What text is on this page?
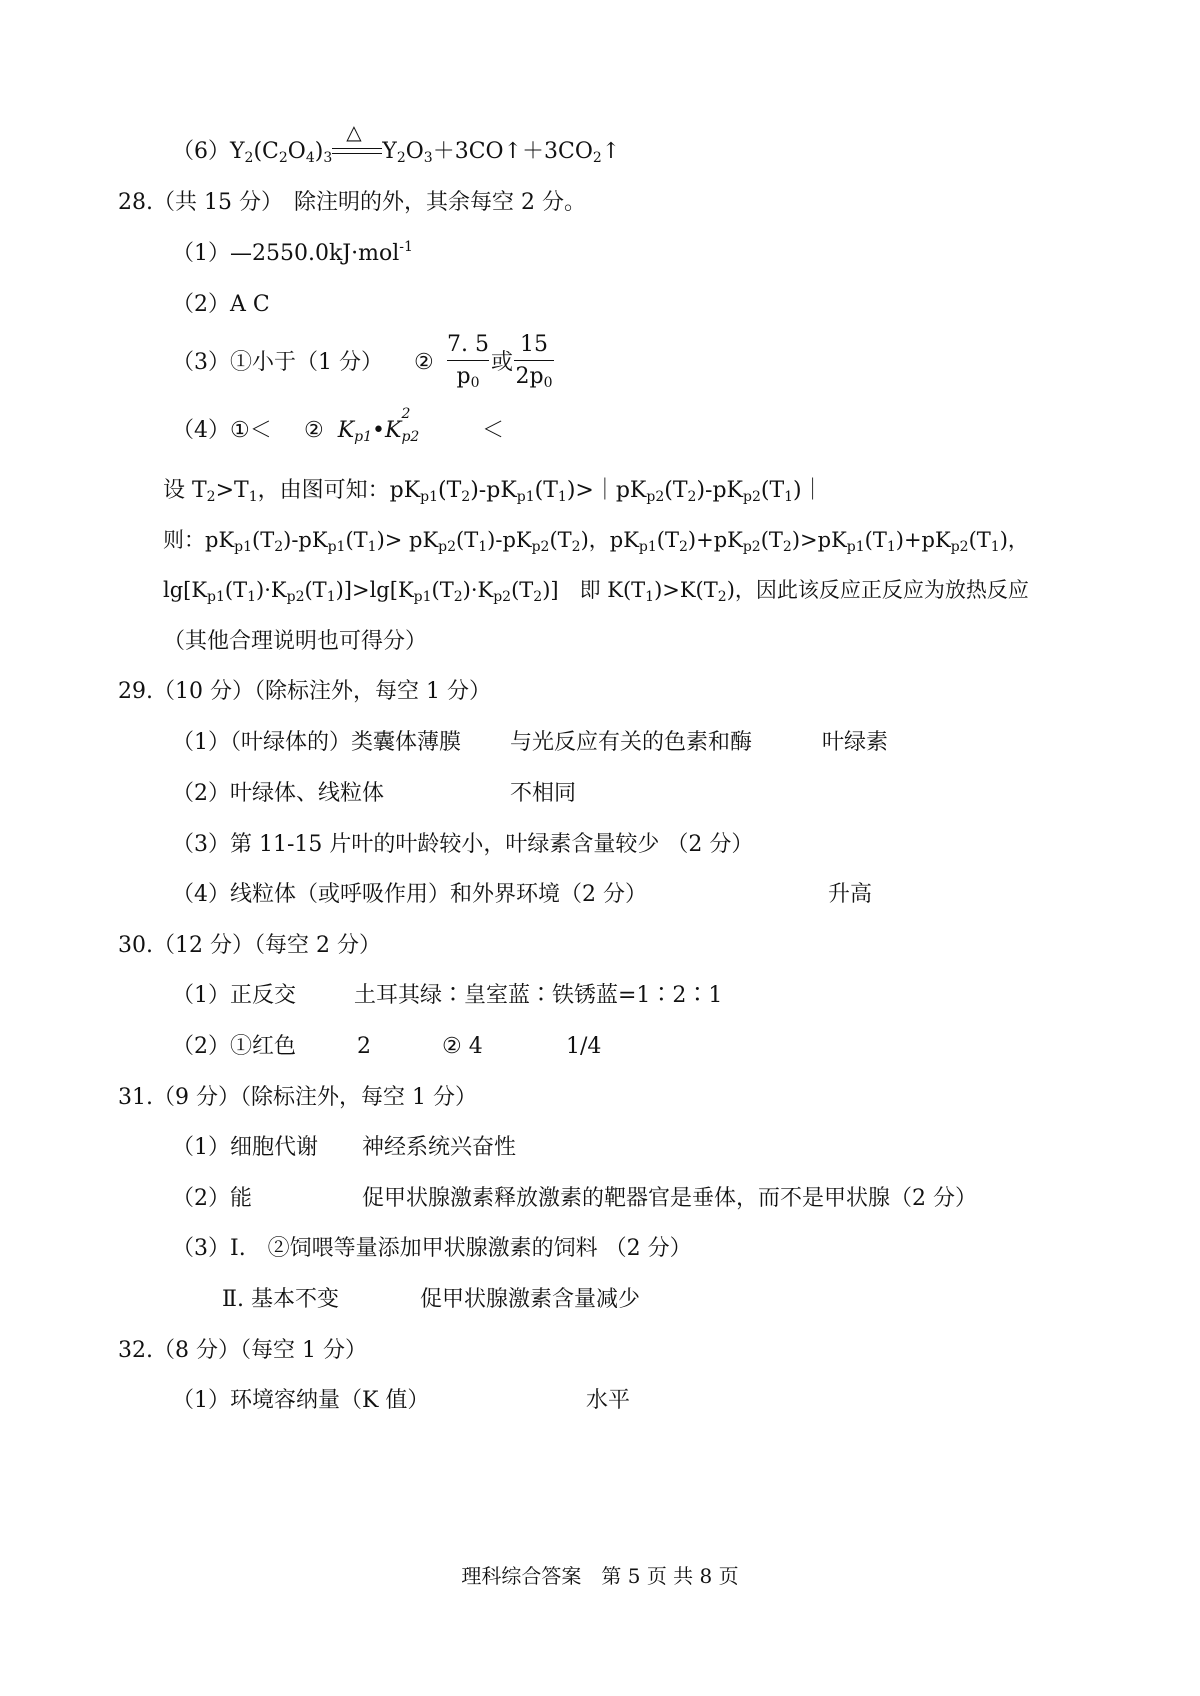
$(6)Y_2(C_2O_4)_3$
△
$Y_2O_3+3CO↑+3CO_2↑$
28.（共 15 分）　除注明的外，其余每空 2 分。
（1）—2550.0kJ·mol$^{-1}$
（2）A C
（3）①小于（1 分） ②
7. 5
$p_0$
或
15
$2p_0$
（4） ①＜ ② $K_{p1}•K$
2
$_{p2}$	＜
设 $T_2>T_1$，由图可知：$pK_{p1}(T_2)-pK_{p1}(T_1)>|pK_{p2}(T_2)-pK_{p2}(T_1)|$
则：$pK_{p1}(T_2)-pK_{p1}(T_1)> pK_{p2}(T_1)-pK_{p2}(T_2)$，$pK_{p1}(T_2)+pK_{p2}(T_2)>pK_{p1}(T_1)+pK_{p2}(T_1)$，
$\lg[K_{p1}(T_1)\cdot K_{p2}(T_1)]>\lg[K_{p1}(T_2)\cdot K_{p2}(T_2)]$　即 $K(T_1)>K(T_2)$，因此该反应正反应为放热反应
（其他合理说明也可得分）
29.（10 分）（除标注外，每空 1 分）
（1）（叶绿体的）类囊体薄膜 与光反应有关的色素和酶	叶绿素
（2）叶绿体、线粒体	不相同
（3）第 11-15 片叶的叶龄较小，叶绿素含量较少 （2 分）
（4）线粒体（或呼吸作用）和外界环境（2 分）	升高
30.（12 分）（每空 2 分）
（1）正反交	土耳其绿∶皇室蓝∶铁锈蓝=1∶2∶1
（2）①红色	2	② 4	1/4
31.（9 分）（除标注外，每空 1 分）
（1）细胞代谢 神经系统兴奋性
（2）能	促甲状腺激素释放激素的靶器官是垂体，而不是甲状腺（2 分）
（3）Ⅰ.　②饲喂等量添加甲状腺激素的饲料 （2 分）
Ⅱ. 基本不变	促甲状腺激素含量减少
32.（8 分）（每空 1 分）
（1）环境容纳量（K 值）	水平
理科综合答案　第 5 页 共 8 页
